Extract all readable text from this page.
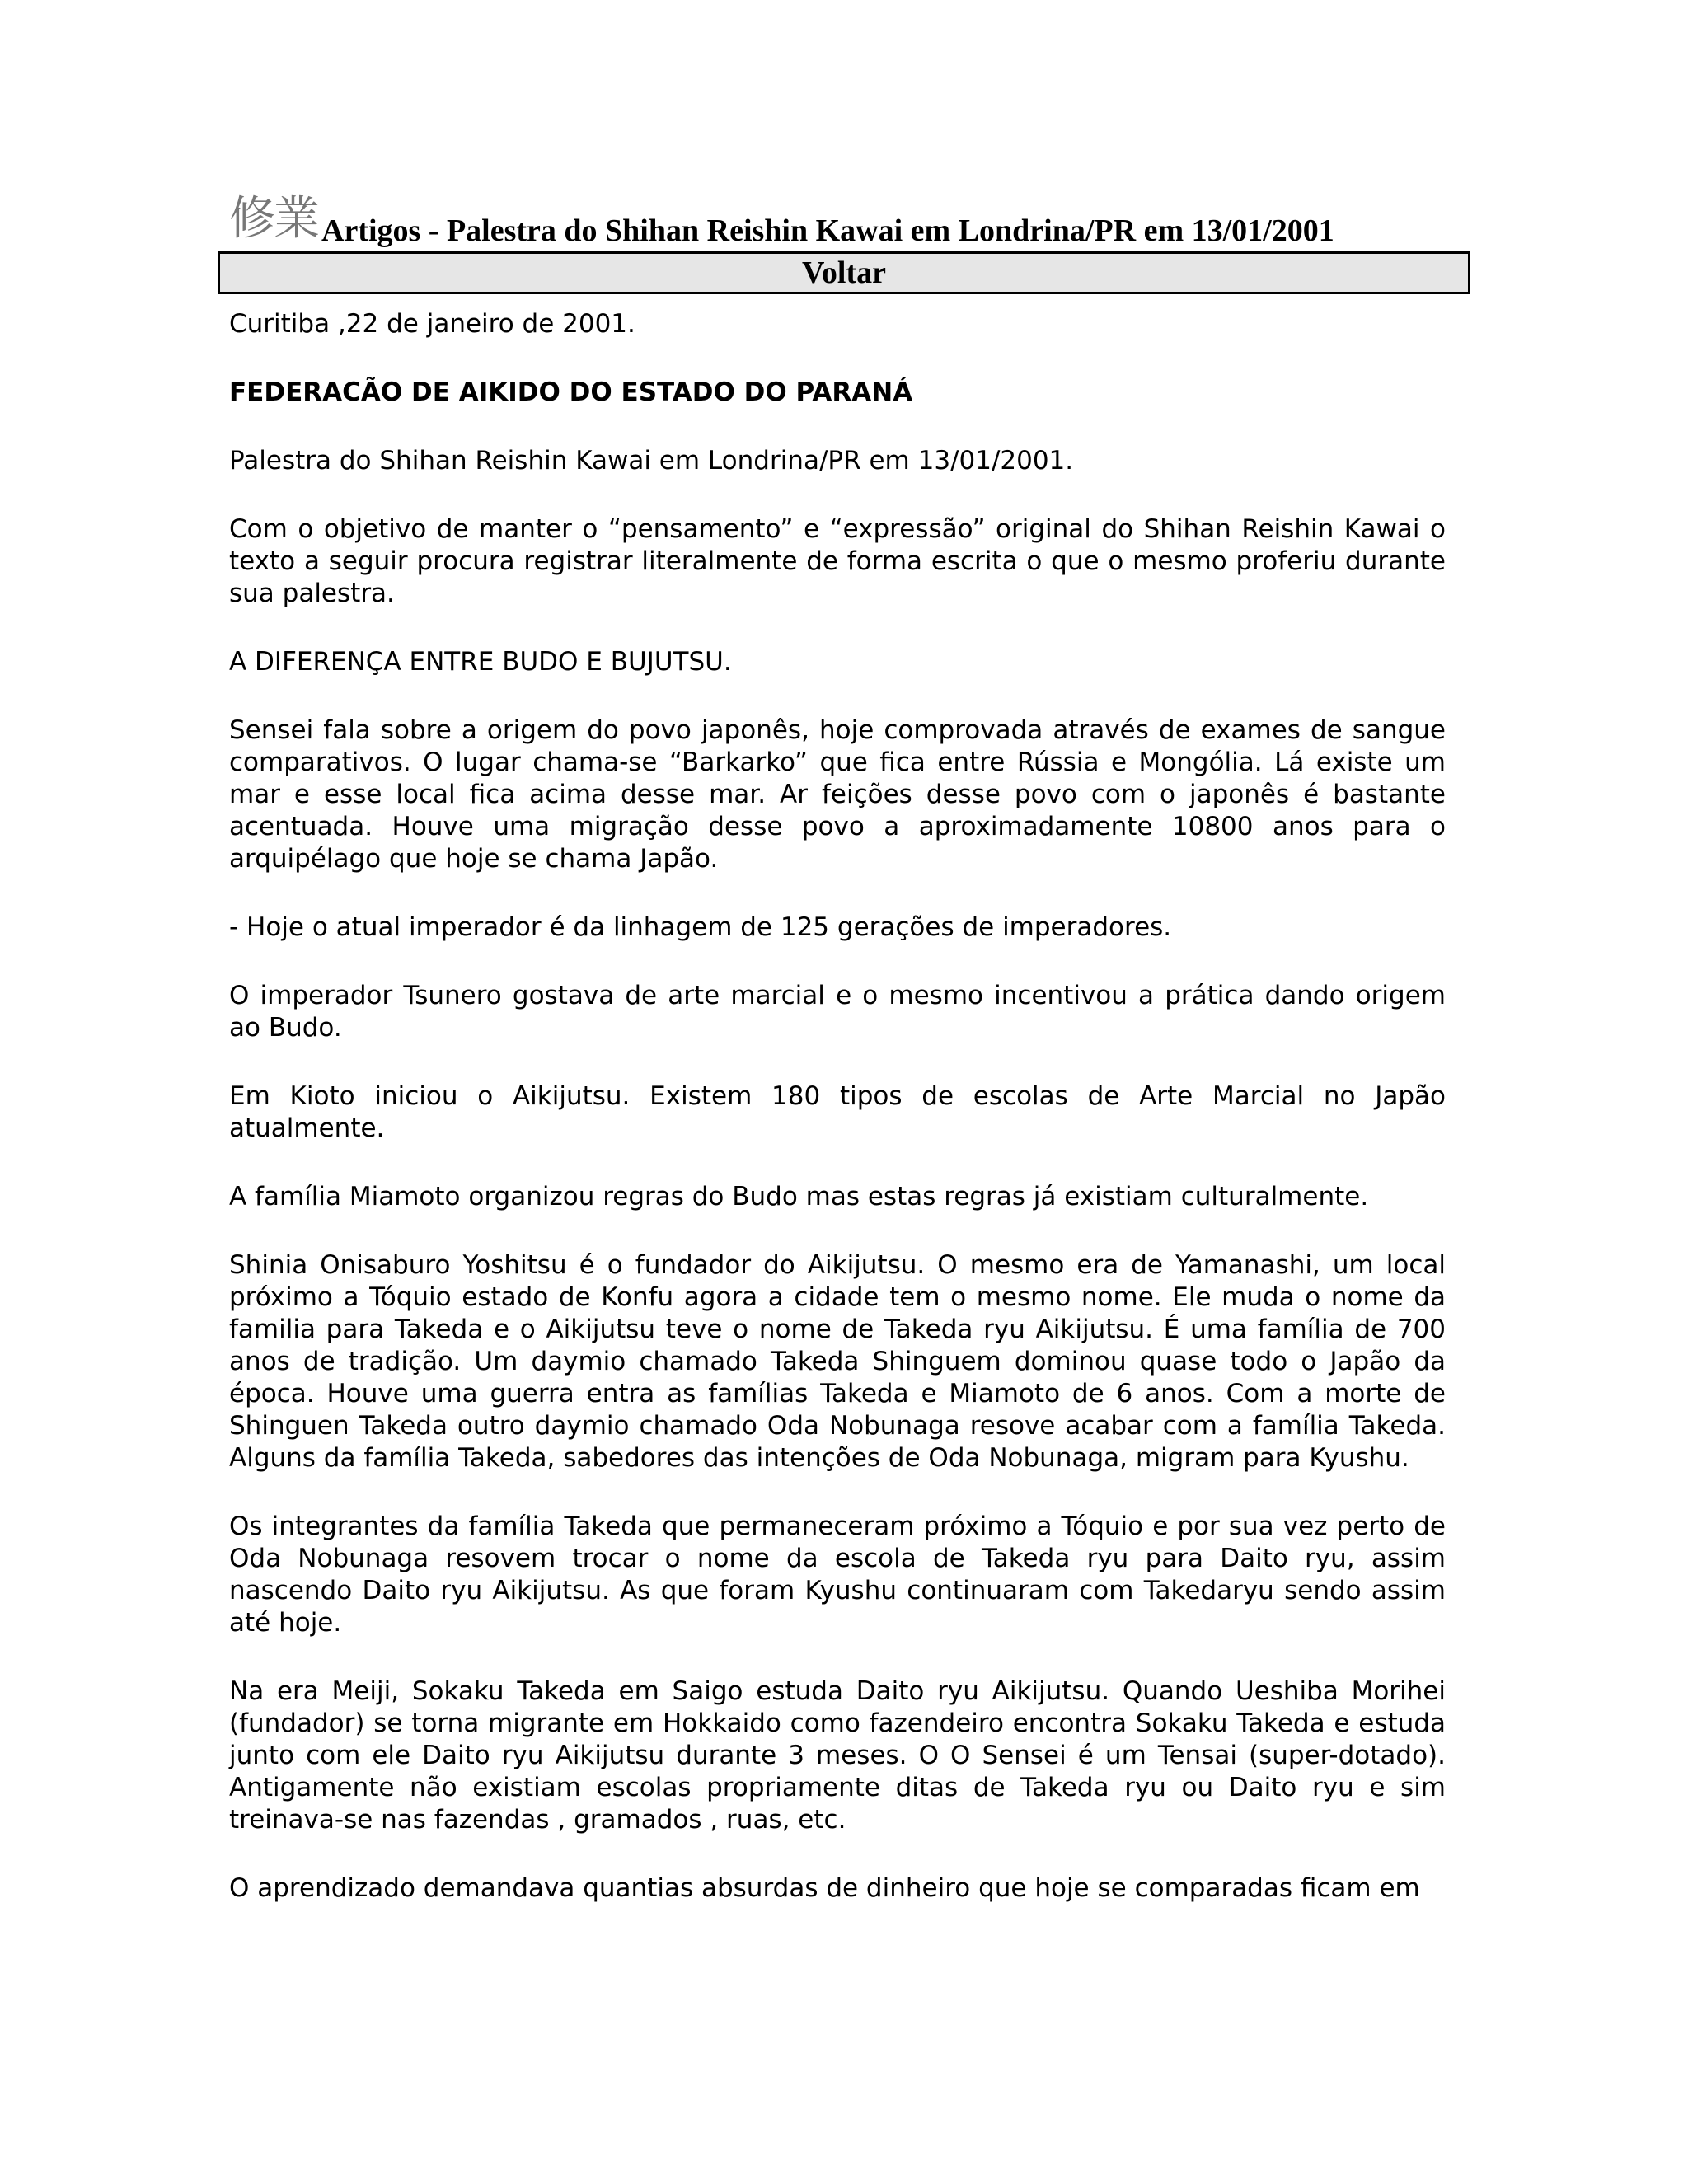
修業 Artigos - Palestra do Shihan Reishin Kawai em Londrina/PR em 13/01/2001
Voltar

Curitiba ,22 de janeiro de 2001.

FEDERACÃO DE AIKIDO DO ESTADO DO PARANÁ

Palestra do Shihan Reishin Kawai em Londrina/PR em 13/01/2001.

Com o objetivo de manter o “pensamento” e “expressão” original do Shihan Reishin Kawai o texto a seguir procura registrar literalmente de forma escrita o que o mesmo proferiu durante sua palestra.

A DIFERENÇA ENTRE BUDO E BUJUTSU.

Sensei fala sobre a origem do povo japonês, hoje comprovada através de exames de sangue comparativos. O lugar chama-se “Barkarko” que fica entre Rússia e Mongólia. Lá existe um mar e esse local fica acima desse mar. Ar feições desse povo com o japonês é bastante acentuada. Houve uma migração desse povo a aproximadamente 10800 anos para o arquipélago que hoje se chama Japão.

- Hoje o atual imperador é da linhagem de 125 gerações de imperadores.

O imperador Tsunero gostava de arte marcial e o mesmo incentivou a prática dando origem ao Budo.

Em Kioto iniciou o Aikijutsu. Existem 180 tipos de escolas de Arte Marcial no Japão atualmente.

A família Miamoto organizou regras do Budo mas estas regras já existiam culturalmente.

Shinia Onisaburo Yoshitsu é o fundador do Aikijutsu. O mesmo era de Yamanashi, um local próximo a Tóquio estado de Konfu agora a cidade tem o mesmo nome. Ele muda o nome da familia para Takeda e o Aikijutsu teve o nome de Takeda ryu Aikijutsu. É uma família de 700 anos de tradição. Um daymio chamado Takeda Shinguem dominou quase todo o Japão da época. Houve uma guerra entra as famílias Takeda e Miamoto de 6 anos. Com a morte de Shinguen Takeda outro daymio chamado Oda Nobunaga resove acabar com a família Takeda. Alguns da família Takeda, sabedores das intenções de Oda Nobunaga, migram para Kyushu.

Os integrantes da família Takeda que permaneceram próximo a Tóquio e por sua vez perto de Oda Nobunaga resovem trocar o nome da escola de Takeda ryu para Daito ryu, assim nascendo Daito ryu Aikijutsu. As que foram Kyushu continuaram com Takedaryu sendo assim até hoje.

Na era Meiji, Sokaku Takeda em Saigo estuda Daito ryu Aikijutsu. Quando Ueshiba Morihei (fundador) se torna migrante em Hokkaido como fazendeiro encontra Sokaku Takeda e estuda junto com ele Daito ryu Aikijutsu durante 3 meses. O O Sensei é um Tensai (super-dotado). Antigamente não existiam escolas propriamente ditas de Takeda ryu ou Daito ryu e sim treinava-se nas fazendas , gramados , ruas, etc.

O aprendizado demandava quantias absurdas de dinheiro que hoje se comparadas ficam em
